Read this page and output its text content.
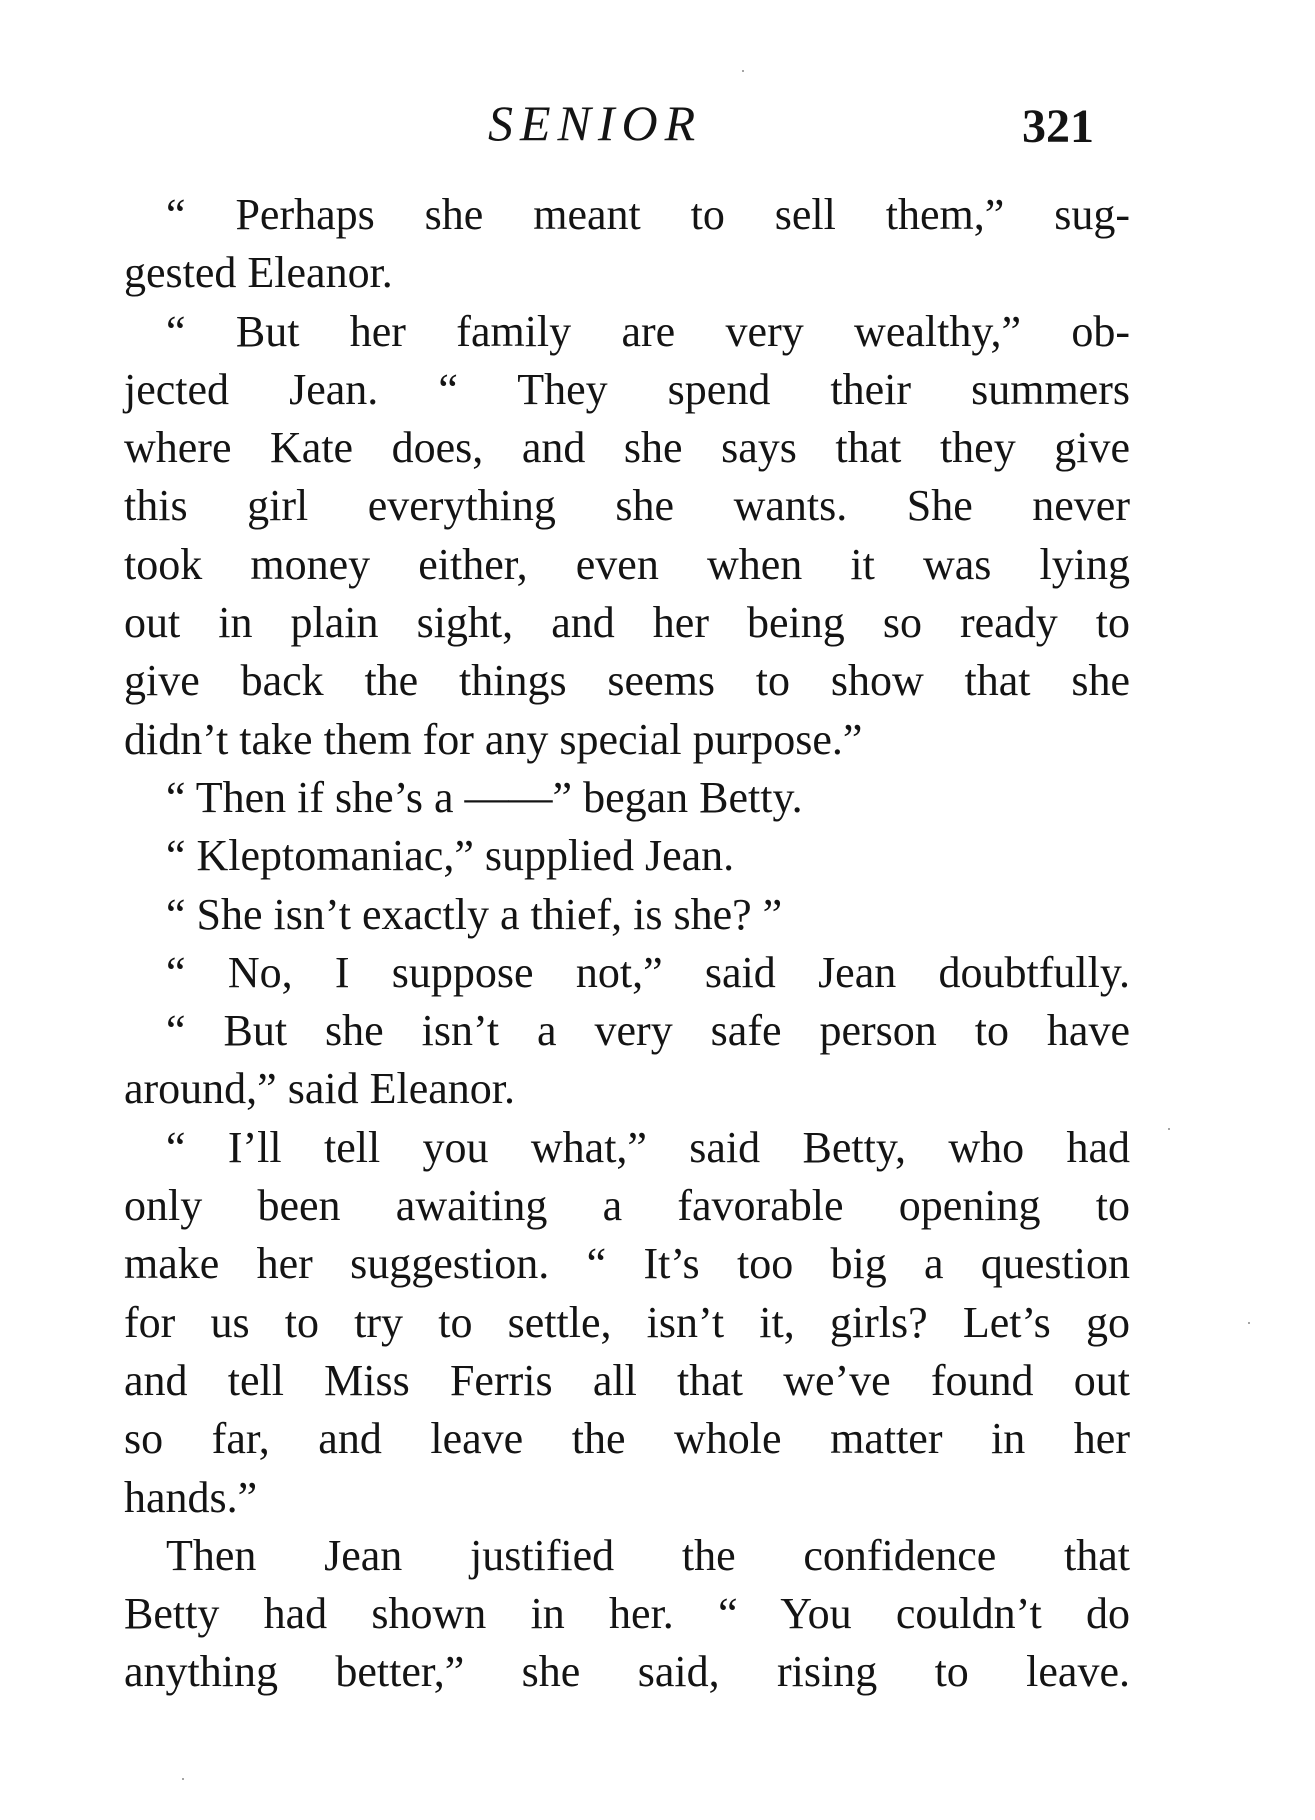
SENIOR	321
“ Perhaps she meant to sell them,” sug-
gested Eleanor.
“ But her family are very wealthy,” ob-
jected Jean. “ They spend their summers
where Kate does, and she says that they give
this girl everything she wants. She never
took money either, even when it was lying
out in plain sight, and her being so ready to
give back the things seems to show that she
didn’t take them for any special purpose.”
“ Then if she’s a ——” began Betty.
“ Kleptomaniac,” supplied Jean.
“ She isn’t exactly a thief, is she? ”
“ No, I suppose not,” said Jean doubtfully.
“ But she isn’t a very safe person to have
around,” said Eleanor.
“ I’ll tell you what,” said Betty, who had
only been awaiting a favorable opening to
make her suggestion. “ It’s too big a question
for us to try to settle, isn’t it, girls? Let’s go
and tell Miss Ferris all that we’ve found out
so far, and leave the whole matter in her
hands.”
Then Jean justified the confidence that
Betty had shown in her. “ You couldn’t do
anything better,” she said, rising to leave.
